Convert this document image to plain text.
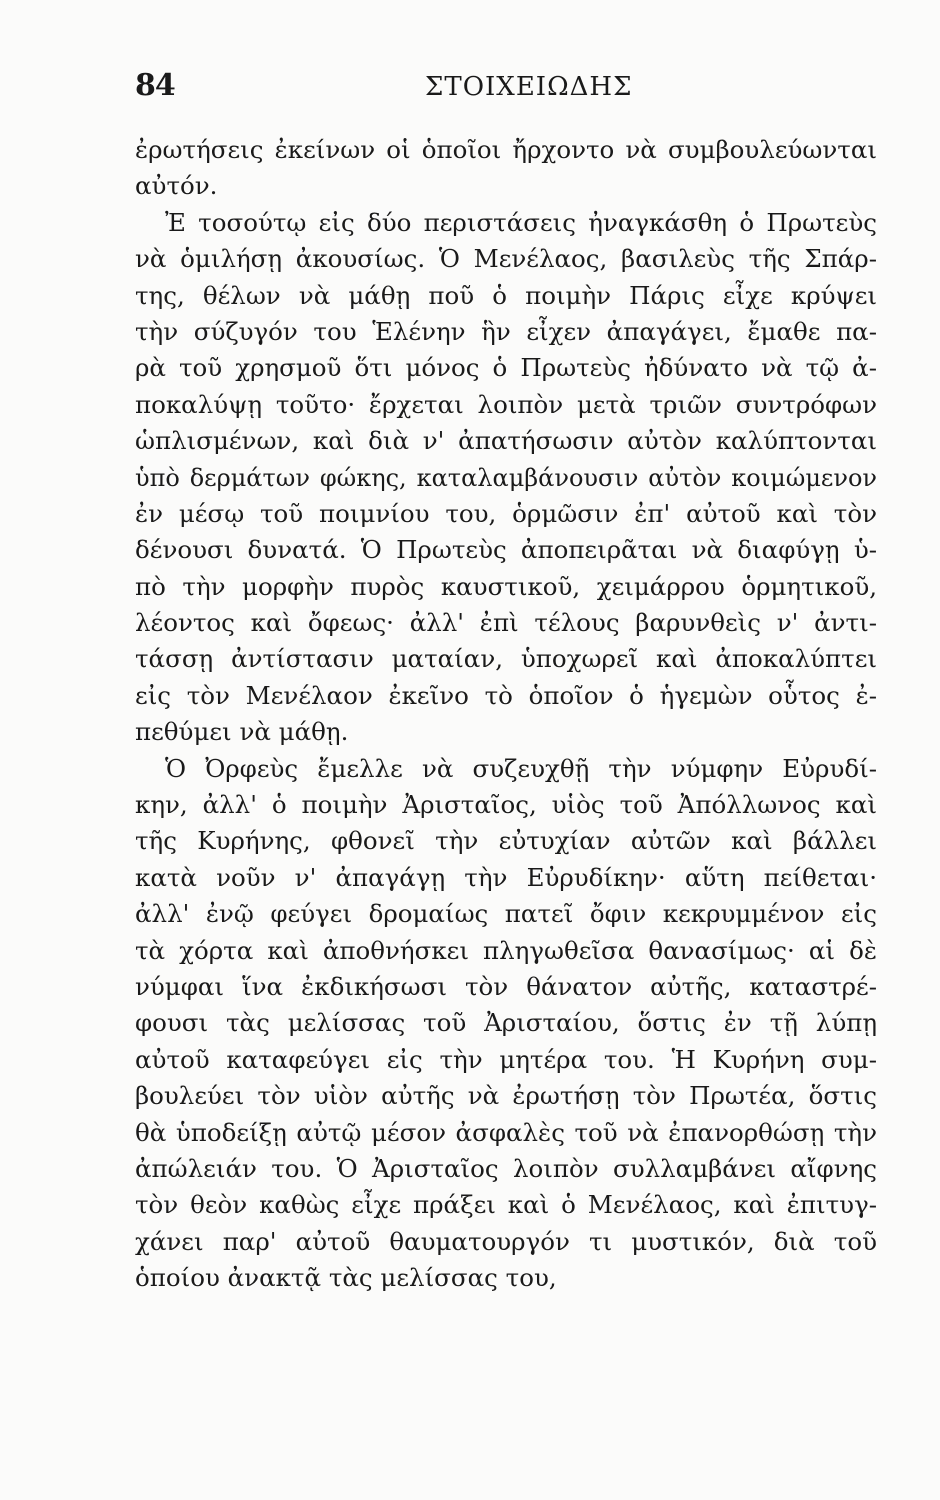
84	ΣΤΟΙΧΕΙΩΔΗΣ
ἐρωτήσεις ἐκείνων οἱ ὁποῖοι ἤρχοντο νὰ συμβουλεύωνται
αὐτόν.
Ἐ τοσούτῳ εἰς δύο περιστάσεις ἠναγκάσθη ὁ Πρωτεὺς
νὰ ὁμιλήσῃ ἀκουσίως. Ὁ Μενέλαος, βασιλεὺς τῆς Σπάρ-
της, θέλων νὰ μάθῃ ποῦ ὁ ποιμὴν Πάρις εἶχε κρύψει
τὴν σύζυγόν του Ἑλένην ἣν εἶχεν ἀπαγάγει, ἔμαθε πα-
ρὰ τοῦ χρησμοῦ ὅτι μόνος ὁ Πρωτεὺς ἠδύνατο νὰ τῷ ἀ-
ποκαλύψῃ τοῦτο· ἔρχεται λοιπὸν μετὰ τριῶν συντρόφων
ὡπλισμένων, καὶ διὰ ν' ἀπατήσωσιν αὐτὸν καλύπτονται
ὑπὸ δερμάτων φώκης, καταλαμβάνουσιν αὐτὸν κοιμώμενον
ἐν μέσῳ τοῦ ποιμνίου του, ὁρμῶσιν ἐπ' αὐτοῦ καὶ τὸν
δένουσι δυνατά. Ὁ Πρωτεὺς ἀποπειρᾶται νὰ διαφύγῃ ὑ-
πὸ τὴν μορφὴν πυρὸς καυστικοῦ, χειμάρρου ὁρμητικοῦ,
λέοντος καὶ ὄφεως· ἀλλ' ἐπὶ τέλους βαρυνθεὶς ν' ἀντι-
τάσσῃ ἀντίστασιν ματαίαν, ὑποχωρεῖ καὶ ἀποκαλύπτει
εἰς τὸν Μενέλαον ἐκεῖνο τὸ ὁποῖον ὁ ἡγεμὼν οὗτος ἐ-
πεθύμει νὰ μάθῃ.
Ὁ Ὀρφεὺς ἔμελλε νὰ συζευχθῇ τὴν νύμφην Εὐρυδί-
κην, ἀλλ' ὁ ποιμὴν Ἀρισταῖος, υἱὸς τοῦ Ἀπόλλωνος καὶ
τῆς Κυρήνης, φθονεῖ τὴν εὐτυχίαν αὐτῶν καὶ βάλλει
κατὰ νοῦν ν' ἀπαγάγῃ τὴν Εὐρυδίκην· αὕτη πείθεται·
ἀλλ' ἐνῷ φεύγει δρομαίως πατεῖ ὄφιν κεκρυμμένον εἰς
τὰ χόρτα καὶ ἀποθνήσκει πληγωθεῖσα θανασίμως· αἱ δὲ
νύμφαι ἵνα ἐκδικήσωσι τὸν θάνατον αὐτῆς, καταστρέ-
φουσι τὰς μελίσσας τοῦ Ἀρισταίου, ὅστις ἐν τῇ λύπῃ
αὐτοῦ καταφεύγει εἰς τὴν μητέρα του. Ἡ Κυρήνη συμ-
βουλεύει τὸν υἱὸν αὐτῆς νὰ ἐρωτήσῃ τὸν Πρωτέα, ὅστις
θὰ ὑποδείξῃ αὐτῷ μέσον ἀσφαλὲς τοῦ νὰ ἐπανορθώσῃ τὴν
ἀπώλειάν του. Ὁ Ἀρισταῖος λοιπὸν συλλαμβάνει αἴφνης
τὸν θεὸν καθὼς εἶχε πράξει καὶ ὁ Μενέλαος, καὶ ἐπιτυγ-
χάνει παρ' αὐτοῦ θαυματουργόν τι μυστικόν, διὰ τοῦ
ὁποίου ἀνακτᾷ τὰς μελίσσας του,
